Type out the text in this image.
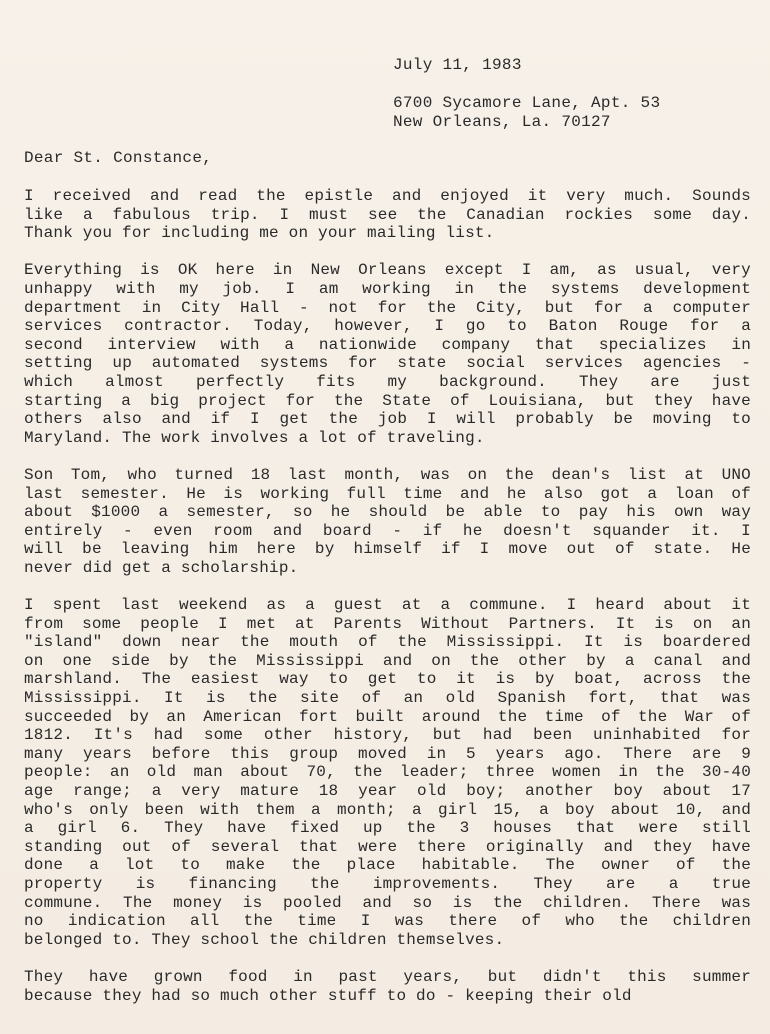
July 11, 1983
6700 Sycamore Lane, Apt. 53
New Orleans, La. 70127
Dear St. Constance,
I received and read the epistle and enjoyed it very much. Sounds
like a fabulous trip. I must see the Canadian rockies some day.
Thank you for including me on your mailing list.
Everything is OK here in New Orleans except I am, as usual, very
unhappy with my job. I am working in the systems development
department in City Hall - not for the City, but for a computer
services contractor. Today, however, I go to Baton Rouge for a
second interview with a nationwide company that specializes in
setting up automated systems for state social services agencies -
which almost perfectly fits my background. They are just
starting a big project for the State of Louisiana, but they have
others also and if I get the job I will probably be moving to
Maryland. The work involves a lot of traveling.
Son Tom, who turned 18 last month, was on the dean's list at UNO
last semester. He is working full time and he also got a loan of
about $1000 a semester, so he should be able to pay his own way
entirely - even room and board - if he doesn't squander it. I
will be leaving him here by himself if I move out of state. He
never did get a scholarship.
I spent last weekend as a guest at a commune. I heard about it
from some people I met at Parents Without Partners. It is on an
"island" down near the mouth of the Mississippi. It is boardered
on one side by the Mississippi and on the other by a canal and
marshland. The easiest way to get to it is by boat, across the
Mississippi. It is the site of an old Spanish fort, that was
succeeded by an American fort built around the time of the War of
1812. It's had some other history, but had been uninhabited for
many years before this group moved in 5 years ago. There are 9
people: an old man about 70, the leader; three women in the 30-40
age range; a very mature 18 year old boy; another boy about 17
who's only been with them a month; a girl 15, a boy about 10, and
a girl 6. They have fixed up the 3 houses that were still
standing out of several that were there originally and they have
done a lot to make the place habitable. The owner of the
property is financing the improvements. They are a true
commune. The money is pooled and so is the children. There was
no indication all the time I was there of who the children
belonged to. They school the children themselves.
They have grown food in past years, but didn't this summer
because they had so much other stuff to do - keeping their old
